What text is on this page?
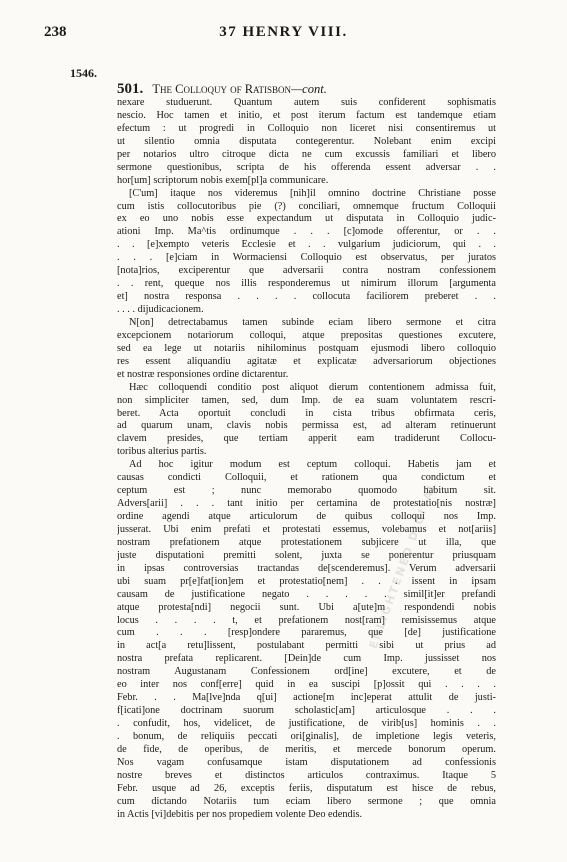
238	37 HENRY VIII.
1546.
501. The Colloquy of Ratisbon—cont.
nexare studuerunt. Quantum autem suis confiderent sophismatis
nescio. Hoc tamen et initio, et post iterum factum est tandemque etiam
efectum : ut progredi in Colloquio non liceret nisi consentiremus ut
ut silentio omnia disputata contegerentur. Nolebant enim excipi
per notarios ultro citroque dicta ne cum excussis familiari et libero
sermone questionibus, scripta de his offerenda essent adversar . .
hor[um] scriptorum nobis exem[pl]a communicare.
[C'um] itaque nos videremus [nih]il omnino doctrine Christiane posse
cum istis collocutoribus pie (?) conciliari, omnemque fructum Colloquii
ex eo uno nobis esse expectandum ut disputata in Colloquio judic-
ationi Imp. Ma^tis ordinumque . . . [c]omode offerentur, or . .
. . [e]xempto veteris Ecclesie et . . vulgarium judiciorum, qui . .
. . . [e]ciam in Wormaciensi Colloquio est observatus, per juratos
[nota]rios, exciperentur que adversarii contra nostram confessionem
. . rent, queque nos illis responderemus ut nimirum illorum [argumenta
et] nostra responsa . . . . collocuta faciliorem preberet . .
. . . . dijudicacionem.
N[on] detrectabamus tamen subinde eciam libero sermone et citra
excepcionem notariorum colloqui, atque prepositas questiones excutere,
sed ea lege ut notariis nihilominus postquam ejusmodi libero colloquio
res essent aliquandiu agitatæ et explicatæ adversariorum objectiones
et nostræ responsiones ordine dictarentur.
Hæc colloquendi conditio post aliquot dierum contentionem admissa fuit,
non simpliciter tamen, sed, dum Imp. de ea suam voluntatem rescri-
beret. Acta oportuit concludi in cista tribus obfirmata ceris,
ad quarum unam, clavis nobis permissa est, ad alteram retinuerunt
clavem presides, que tertiam apperit eam tradiderunt Collocu-
toribus alterius partis.
Ad hoc igitur modum est ceptum colloqui. Habetis jam et
causas condicti Colloquii, et rationem qua condictum et
ceptum est ; nunc memorabo quomodo habitum sit.
Advers[arii] . . . tant initio per certamina de protestatio[nis nostræ]
ordine agendi atque articulorum de quibus colloqui nos Imp.
jusserat. Ubi enim prefati et protestati essemus, volebamus et not[ariis]
nostram prefationem atque protestationem subjicere ut illa, que
juste disputationi premitti solent, juxta se ponerentur priusquam
in ipsas controversias tractandas de[scenderemus]. Verum adversarii
ubi suam pr[e]fat[ion]em et protestatio[nem] . . . issent in ipsam
causam de justificatione negato . . . . . simil[it]er prefandi
atque protesta[ndi] negocii sunt. Ubi a[ute]m respondendi nobis
locus . . . . t, et prefationem nost[ram] remisissemus atque
cum . . . [resp]ondere pararemus, que [de] justificatione
in act[a retu]lissent, postulabant permitti sibi ut prius ad
nostra prefata replicarent. [Dein]de cum Imp. jussisset nos
nostram Augustanam Confessionem ord[ine] excutere, et de
eo inter nos conf[erre] quid in ea suscipi [p]ossit qui . . . .
Febr. . . Ma[lve]nda q[ui] actione[m inc]eperat attulit de justi-
f[icati]one doctrinam suorum scholastic[am] articulosque . . .
. confudit, hos, videlicet, de justificatione, de virib[us] hominis . .
. bonum, de reliquiis peccati ori[ginalis], de impletione legis veteris,
de fide, de operibus, de meritis, et mercede bonorum operum.
Nos vagam confusamque istam disputationem ad confessionis
nostre breves et distinctos articulos contraximus. Itaque 5
Febr. usque ad 26, exceptis feriis, disputatum est hisce de rebus,
cum dictando Notariis tum eciam libero sermone ; que omnia
in Actis [vi]debitis per nos propediem volente Deo edendis.
ENLIGHTENED DIGITAL
